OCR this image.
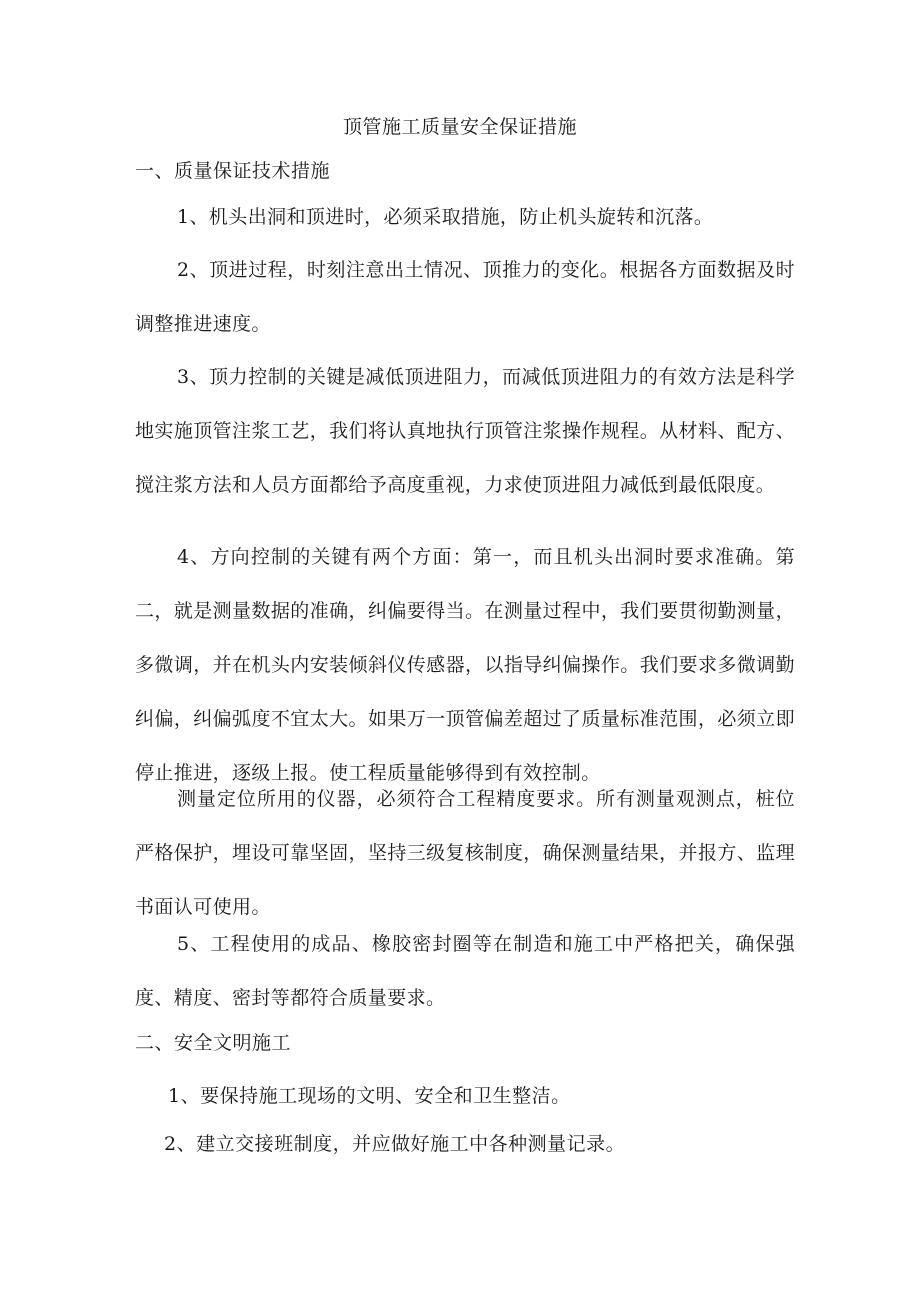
顶管施工质量安全保证措施
一、质量保证技术措施

1、机头出洞和顶进时，必须采取措施，防止机头旋转和沉落。

2、顶进过程，时刻注意出土情况、顶推力的变化。根据各方面数据及时调整推进速度。

3、顶力控制的关键是减低顶进阻力，而减低顶进阻力的有效方法是科学地实施顶管注浆工艺，我们将认真地执行顶管注浆操作规程。从材料、配方、搅注浆方法和人员方面都给予高度重视，力求使顶进阻力减低到最低限度。

4、方向控制的关键有两个方面：第一，而且机头出洞时要求准确。第二，就是测量数据的准确，纠偏要得当。在测量过程中，我们要贯彻勤测量，多微调，并在机头内安装倾斜仪传感器，以指导纠偏操作。我们要求多微调勤纠偏，纠偏弧度不宜太大。如果万一顶管偏差超过了质量标准范围，必须立即停止推进，逐级上报。使工程质量能够得到有效控制。

测量定位所用的仪器，必须符合工程精度要求。所有测量观测点，桩位严格保护，埋设可靠坚固，坚持三级复核制度，确保测量结果，并报方、监理书面认可使用。

5、工程使用的成品、橡胶密封圈等在制造和施工中严格把关，确保强度、精度、密封等都符合质量要求。

二、安全文明施工
1、要保持施工现场的文明、安全和卫生整洁。
2、建立交接班制度，并应做好施工中各种测量记录。
